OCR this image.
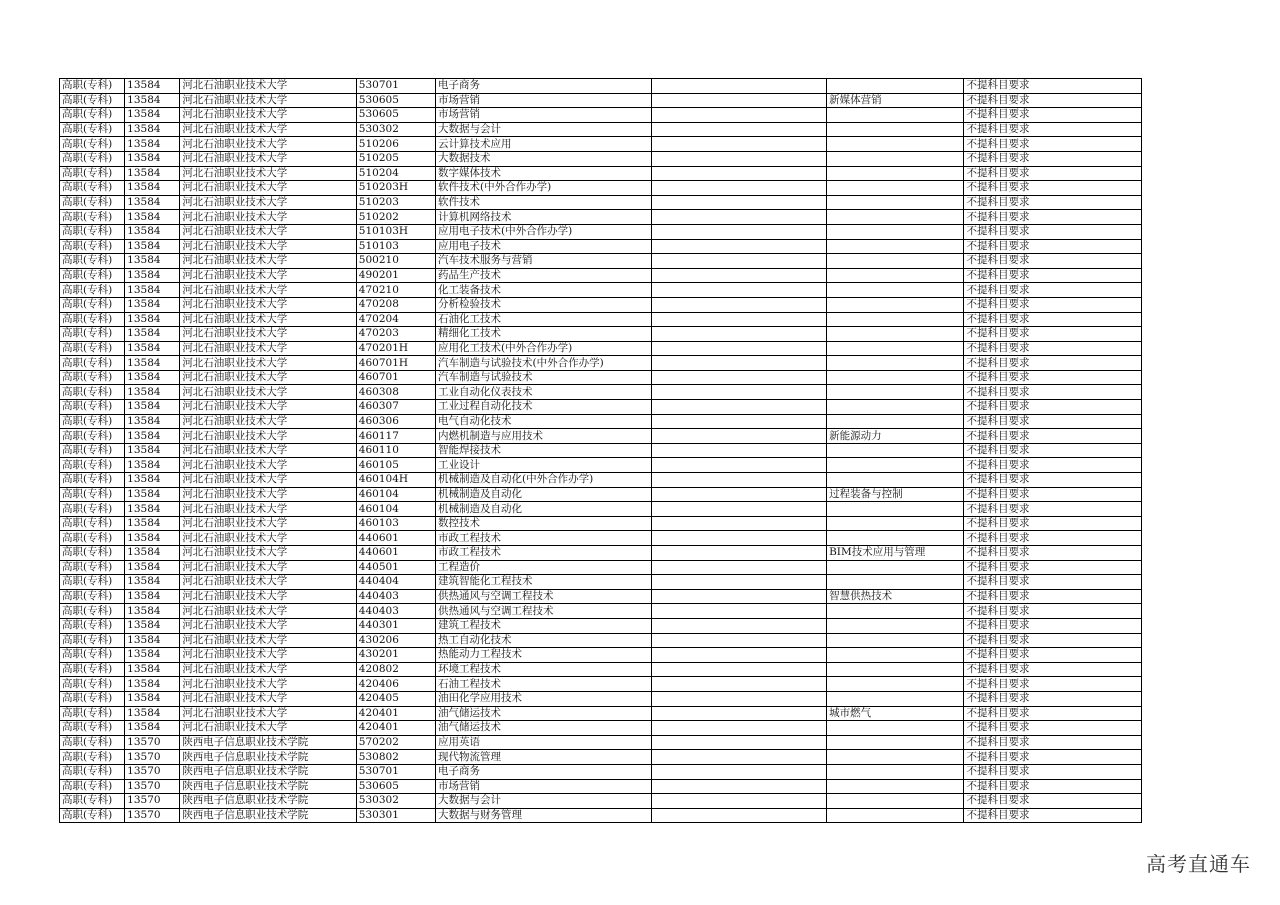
高职(专科)	13584	河北石油职业技术大学	530701	电子商务			不提科目要求
高职(专科)	13584	河北石油职业技术大学	530605	市场营销		新媒体营销	不提科目要求
高职(专科)	13584	河北石油职业技术大学	530605	市场营销			不提科目要求
高职(专科)	13584	河北石油职业技术大学	530302	大数据与会计			不提科目要求
高职(专科)	13584	河北石油职业技术大学	510206	云计算技术应用			不提科目要求
高职(专科)	13584	河北石油职业技术大学	510205	大数据技术			不提科目要求
高职(专科)	13584	河北石油职业技术大学	510204	数字媒体技术			不提科目要求
高职(专科)	13584	河北石油职业技术大学	510203H	软件技术(中外合作办学)			不提科目要求
高职(专科)	13584	河北石油职业技术大学	510203	软件技术			不提科目要求
高职(专科)	13584	河北石油职业技术大学	510202	计算机网络技术			不提科目要求
高职(专科)	13584	河北石油职业技术大学	510103H	应用电子技术(中外合作办学)			不提科目要求
高职(专科)	13584	河北石油职业技术大学	510103	应用电子技术			不提科目要求
高职(专科)	13584	河北石油职业技术大学	500210	汽车技术服务与营销			不提科目要求
高职(专科)	13584	河北石油职业技术大学	490201	药品生产技术			不提科目要求
高职(专科)	13584	河北石油职业技术大学	470210	化工装备技术			不提科目要求
高职(专科)	13584	河北石油职业技术大学	470208	分析检验技术			不提科目要求
高职(专科)	13584	河北石油职业技术大学	470204	石油化工技术			不提科目要求
高职(专科)	13584	河北石油职业技术大学	470203	精细化工技术			不提科目要求
高职(专科)	13584	河北石油职业技术大学	470201H	应用化工技术(中外合作办学)			不提科目要求
高职(专科)	13584	河北石油职业技术大学	460701H	汽车制造与试验技术(中外合作办学)			不提科目要求
高职(专科)	13584	河北石油职业技术大学	460701	汽车制造与试验技术			不提科目要求
高职(专科)	13584	河北石油职业技术大学	460308	工业自动化仪表技术			不提科目要求
高职(专科)	13584	河北石油职业技术大学	460307	工业过程自动化技术			不提科目要求
高职(专科)	13584	河北石油职业技术大学	460306	电气自动化技术			不提科目要求
高职(专科)	13584	河北石油职业技术大学	460117	内燃机制造与应用技术		新能源动力	不提科目要求
高职(专科)	13584	河北石油职业技术大学	460110	智能焊接技术			不提科目要求
高职(专科)	13584	河北石油职业技术大学	460105	工业设计			不提科目要求
高职(专科)	13584	河北石油职业技术大学	460104H	机械制造及自动化(中外合作办学)			不提科目要求
高职(专科)	13584	河北石油职业技术大学	460104	机械制造及自动化		过程装备与控制	不提科目要求
高职(专科)	13584	河北石油职业技术大学	460104	机械制造及自动化			不提科目要求
高职(专科)	13584	河北石油职业技术大学	460103	数控技术			不提科目要求
高职(专科)	13584	河北石油职业技术大学	440601	市政工程技术			不提科目要求
高职(专科)	13584	河北石油职业技术大学	440601	市政工程技术		BIM技术应用与管理	不提科目要求
高职(专科)	13584	河北石油职业技术大学	440501	工程造价			不提科目要求
高职(专科)	13584	河北石油职业技术大学	440404	建筑智能化工程技术			不提科目要求
高职(专科)	13584	河北石油职业技术大学	440403	供热通风与空调工程技术		智慧供热技术	不提科目要求
高职(专科)	13584	河北石油职业技术大学	440403	供热通风与空调工程技术			不提科目要求
高职(专科)	13584	河北石油职业技术大学	440301	建筑工程技术			不提科目要求
高职(专科)	13584	河北石油职业技术大学	430206	热工自动化技术			不提科目要求
高职(专科)	13584	河北石油职业技术大学	430201	热能动力工程技术			不提科目要求
高职(专科)	13584	河北石油职业技术大学	420802	环境工程技术			不提科目要求
高职(专科)	13584	河北石油职业技术大学	420406	石油工程技术			不提科目要求
高职(专科)	13584	河北石油职业技术大学	420405	油田化学应用技术			不提科目要求
高职(专科)	13584	河北石油职业技术大学	420401	油气储运技术		城市燃气	不提科目要求
高职(专科)	13584	河北石油职业技术大学	420401	油气储运技术			不提科目要求
高职(专科)	13570	陕西电子信息职业技术学院	570202	应用英语			不提科目要求
高职(专科)	13570	陕西电子信息职业技术学院	530802	现代物流管理			不提科目要求
高职(专科)	13570	陕西电子信息职业技术学院	530701	电子商务			不提科目要求
高职(专科)	13570	陕西电子信息职业技术学院	530605	市场营销			不提科目要求
高职(专科)	13570	陕西电子信息职业技术学院	530302	大数据与会计			不提科目要求
高职(专科)	13570	陕西电子信息职业技术学院	530301	大数据与财务管理			不提科目要求
高考直通车
